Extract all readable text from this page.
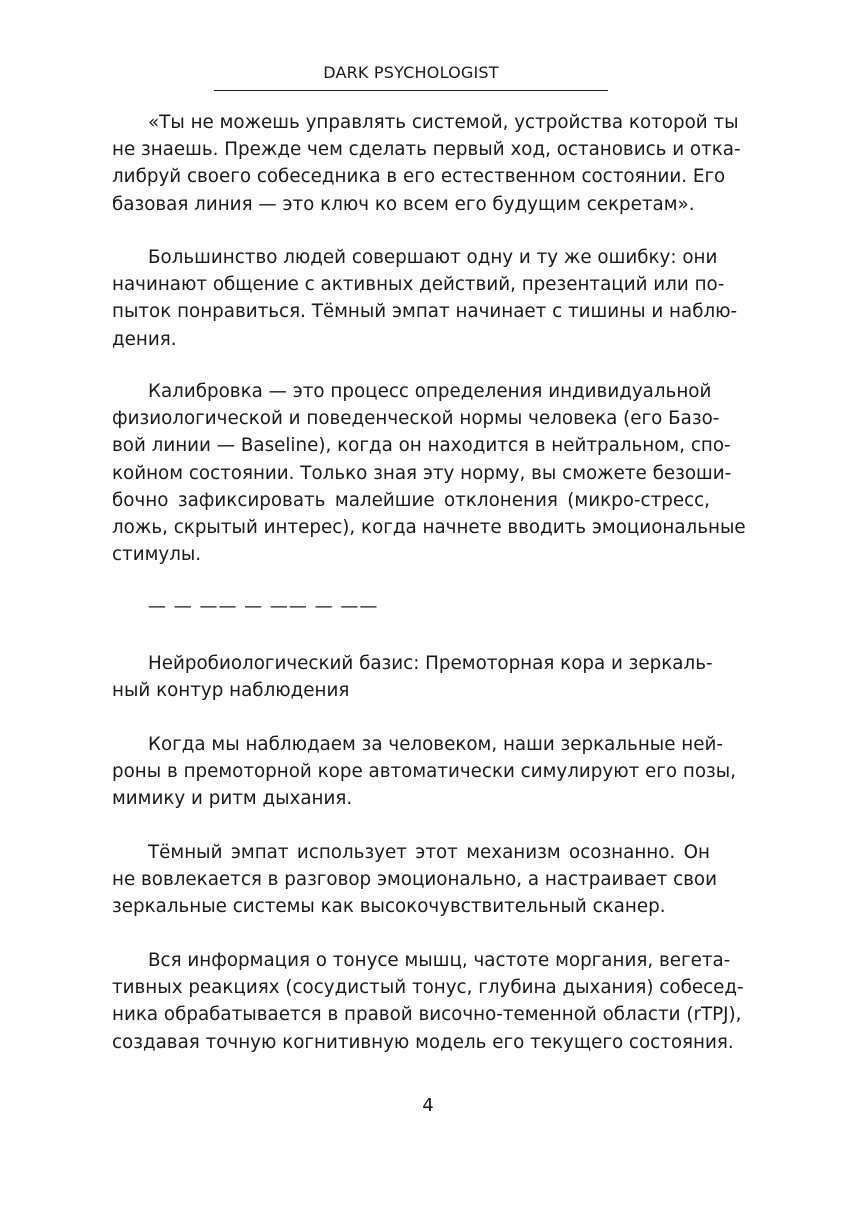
DARK PSYCHOLOGIST

«Ты не можешь управлять системой, устройства которой ты
не знаешь. Прежде чем сделать первый ход, остановись и отка-
либруй своего собеседника в его естественном состоянии. Его
базовая линия — это ключ ко всем его будущим секретам».

Большинство людей совершают одну и ту же ошибку: они
начинают общение с активных действий, презентаций или по-
пыток понравиться. Тёмный эмпат начинает с тишины и наблю-
дения.

Калибровка — это процесс определения индивидуальной
физиологической и поведенческой нормы человека (его Базо-
вой линии — Baseline), когда он находится в нейтральном, спо-
койном состоянии. Только зная эту норму, вы сможете безоши-
бочно зафиксировать малейшие отклонения (микро-стресс,
ложь, скрытый интерес), когда начнете вводить эмоциональные
стимулы.

— — —— — —— — ——

Нейробиологический базис: Премоторная кора и зеркаль-
ный контур наблюдения

Когда мы наблюдаем за человеком, наши зеркальные ней-
роны в премоторной коре автоматически симулируют его позы,
мимику и ритм дыхания.

Тёмный эмпат использует этот механизм осознанно. Он
не вовлекается в разговор эмоционально, а настраивает свои
зеркальные системы как высокочувствительный сканер.

Вся информация о тонусе мышц, частоте моргания, вегета-
тивных реакциях (сосудистый тонус, глубина дыхания) собесед-
ника обрабатывается в правой височно-теменной области (rTPJ),
создавая точную когнитивную модель его текущего состояния.

4
